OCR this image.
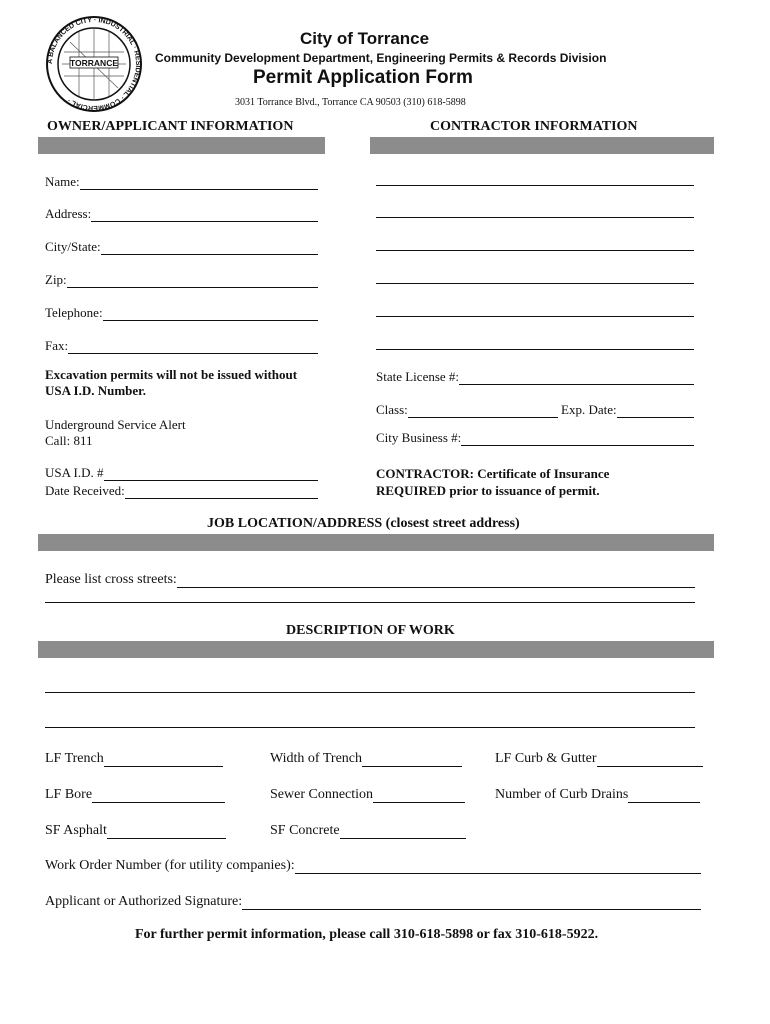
A BALANCED CITY · INDUSTRIAL · RESIDENTIAL · COMMERCIAL ·
TORRANCE
City of Torrance
Community Development Department, Engineering Permits & Records Division
Permit Application Form
3031 Torrance Blvd., Torrance CA 90503 (310) 618-5898
OWNER/APPLICANT INFORMATION	CONTRACTOR INFORMATION
Name:
Address:
City/State:
Zip:
Telephone:
Fax:
Excavation permits will not be issued without
USA I.D. Number.
Underground Service Alert
Call: 811
USA I.D. #
Date Received:
State License #:
Class:	Exp. Date:
City Business #:
CONTRACTOR: Certificate of Insurance
REQUIRED prior to issuance of permit.
JOB LOCATION/ADDRESS (closest street address)
Please list cross streets:
DESCRIPTION OF WORK
LF Trench	Width of Trench	LF Curb & Gutter
LF Bore	Sewer Connection	Number of Curb Drains
SF Asphalt	SF Concrete
Work Order Number (for utility companies):
Applicant or Authorized Signature:
For further permit information, please call 310-618-5898 or fax 310-618-5922.
